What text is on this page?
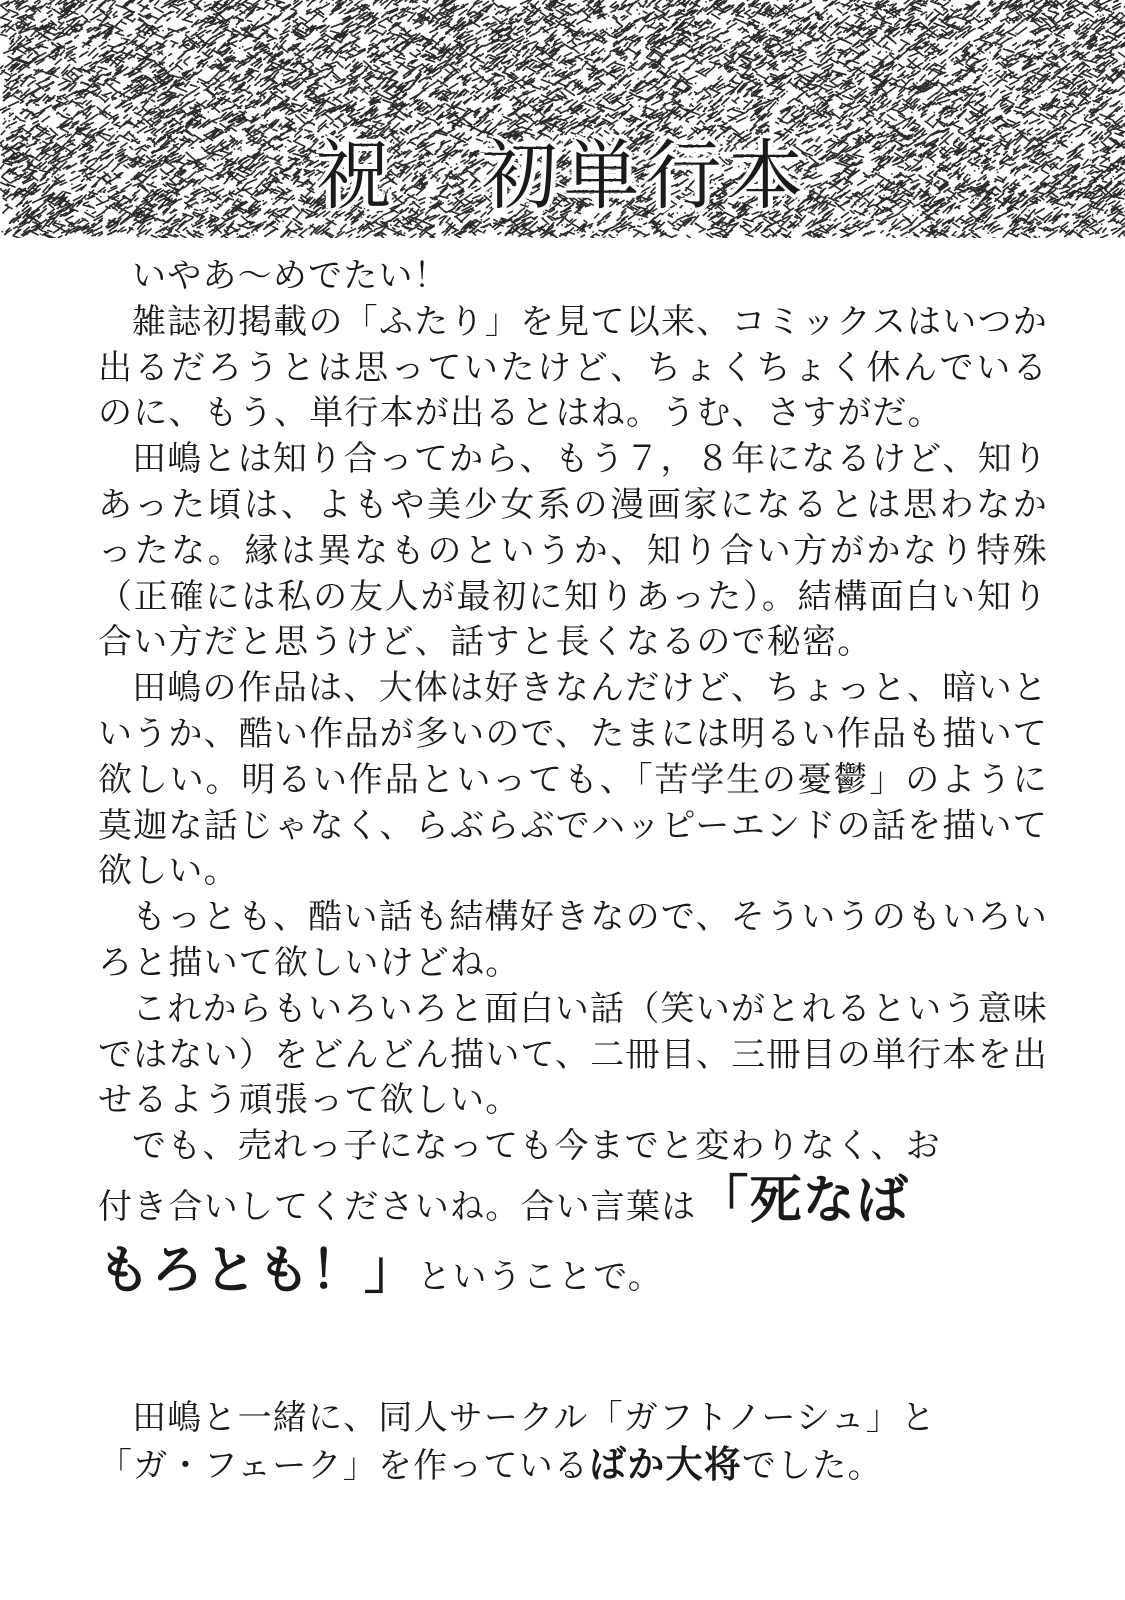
祝 初単行本

いやあ〜めでたい！

雑誌初掲載の「ふたり」を見て以来、コミックスはいつか出るだろうとは思っていたけど、ちょくちょく休んでいるのに、もう、単行本が出るとはね。うむ、さすがだ。

田嶋とは知り合ってから、もう７，８年になるけど、知りあった頃は、よもや美少女系の漫画家になるとは思わなかったな。縁は異なものというか、知り合い方がかなり特殊（正確には私の友人が最初に知りあった）。結構面白い知り合い方だと思うけど、話すと長くなるので秘密。

田嶋の作品は、大体は好きなんだけど、ちょっと、暗いというか、酷い作品が多いので、たまには明るい作品も描いて欲しい。明るい作品といっても、「苦学生の憂鬱」のように莫迦な話じゃなく、らぶらぶでハッピーエンドの話を描いて欲しい。

もっとも、酷い話も結構好きなので、そういうのもいろいろと描いて欲しいけどね。

これからもいろいろと面白い話（笑いがとれるという意味ではない）をどんどん描いて、二冊目、三冊目の単行本を出せるよう頑張って欲しい。

でも、売れっ子になっても今までと変わりなく、お

付き合いしてくださいね。合い言葉は「死なば

もろとも！」ということで。

田嶋と一緒に、同人サークル「ガフトノーシュ」と

「ガ・フェーク」を作っているばか大将でした。
